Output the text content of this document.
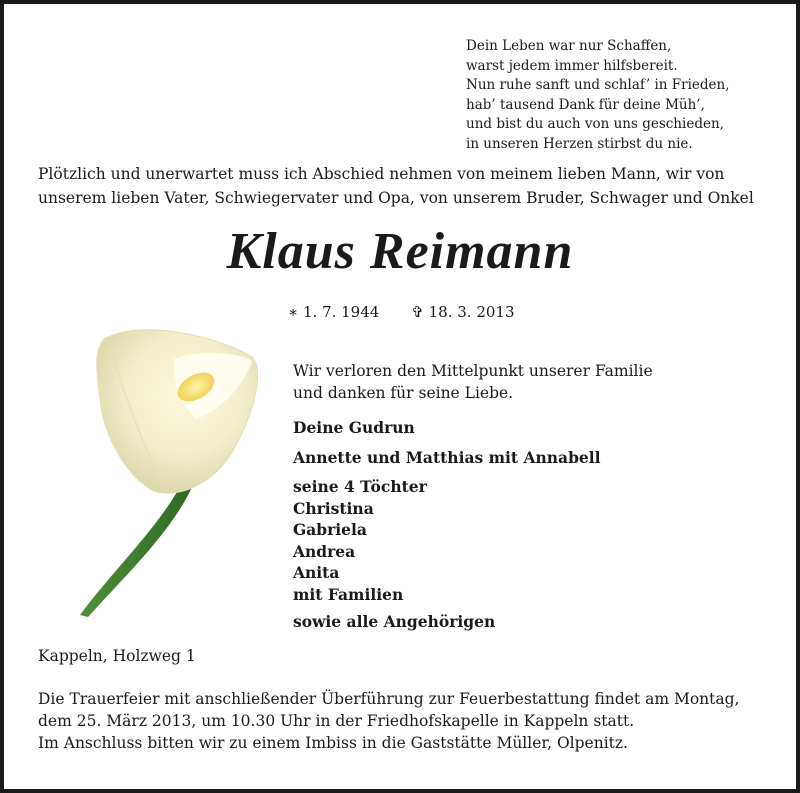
Dein Leben war nur Schaffen,
warst jedem immer hilfsbereit.
Nun ruhe sanft und schlaf’ in Frieden,
hab’ tausend Dank für deine Müh’,
und bist du auch von uns geschieden,
in unseren Herzen stirbst du nie.
Plötzlich und unerwartet muss ich Abschied nehmen von meinem lieben Mann, wir von
unserem lieben Vater, Schwiegervater und Opa, von unserem Bruder, Schwager und Onkel
Klaus Reimann
∗ 1. 7. 1944 ✞ 18. 3. 2013
Wir verloren den Mittelpunkt unserer Familie
und danken für seine Liebe.
Deine Gudrun
Annette und Matthias mit Annabell
seine 4 Töchter
Christina
Gabriela
Andrea
Anita
mit Familien
sowie alle Angehörigen
Kappeln, Holzweg 1
Die Trauerfeier mit anschließender Überführung zur Feuerbestattung findet am Montag,
dem 25. März 2013, um 10.30 Uhr in der Friedhofskapelle in Kappeln statt.
Im Anschluss bitten wir zu einem Imbiss in die Gaststätte Müller, Olpenitz.
